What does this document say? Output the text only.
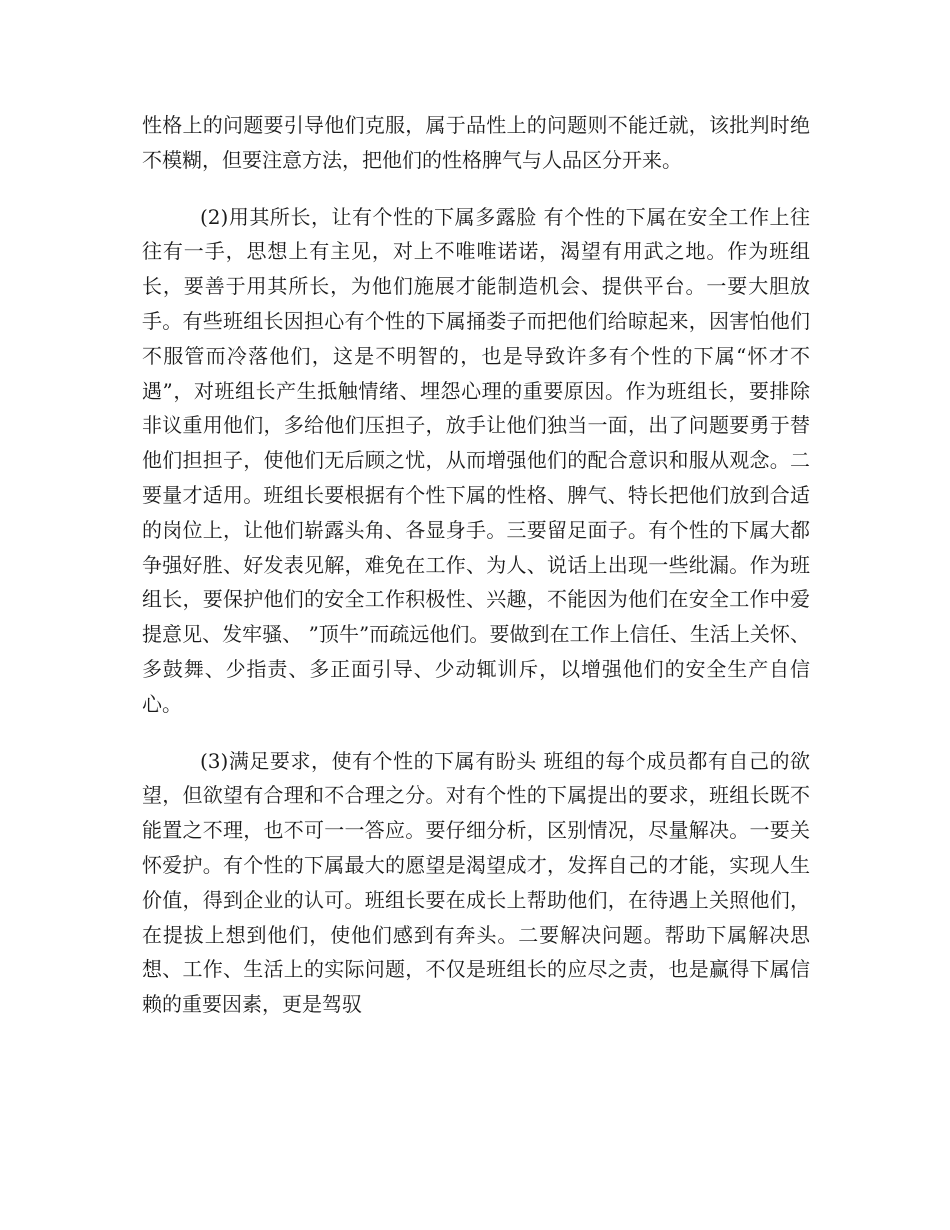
性格上的问题要引导他们克服，属于品性上的问题则不能迁就，该批判时绝不模糊，但要注意方法，把他们的性格脾气与人品区分开来。

(2)用其所长，让有个性的下属多露脸 有个性的下属在安全工作上往往有一手，思想上有主见，对上不唯唯诺诺，渴望有用武之地。作为班组长，要善于用其所长，为他们施展才能制造机会、提供平台。一要大胆放手。有些班组长因担心有个性的下属捅娄子而把他们给晾起来，因害怕他们不服管而冷落他们，这是不明智的，也是导致许多有个性的下属“怀才不遇”，对班组长产生抵触情绪、埋怨心理的重要原因。作为班组长，要排除非议重用他们，多给他们压担子，放手让他们独当一面，出了问题要勇于替他们担担子，使他们无后顾之忧，从而增强他们的配合意识和服从观念。二要量才适用。班组长要根据有个性下属的性格、脾气、特长把他们放到合适的岗位上，让他们崭露头角、各显身手。三要留足面子。有个性的下属大都争强好胜、好发表见解，难免在工作、为人、说话上出现一些纰漏。作为班组长，要保护他们的安全工作积极性、兴趣，不能因为他们在安全工作中爱提意见、发牢骚、 ”顶牛”而疏远他们。要做到在工作上信任、生活上关怀、多鼓舞、少指责、多正面引导、少动辄训斥，以增强他们的安全生产自信心。

(3)满足要求，使有个性的下属有盼头 班组的每个成员都有自己的欲望，但欲望有合理和不合理之分。对有个性的下属提出的要求，班组长既不能置之不理，也不可一一答应。要仔细分析，区别情况，尽量解决。一要关怀爱护。有个性的下属最大的愿望是渴望成才，发挥自己的才能，实现人生价值，得到企业的认可。班组长要在成长上帮助他们，在待遇上关照他们，在提拔上想到他们，使他们感到有奔头。二要解决问题。帮助下属解决思想、工作、生活上的实际问题，不仅是班组长的应尽之责，也是赢得下属信赖的重要因素，更是驾驭
